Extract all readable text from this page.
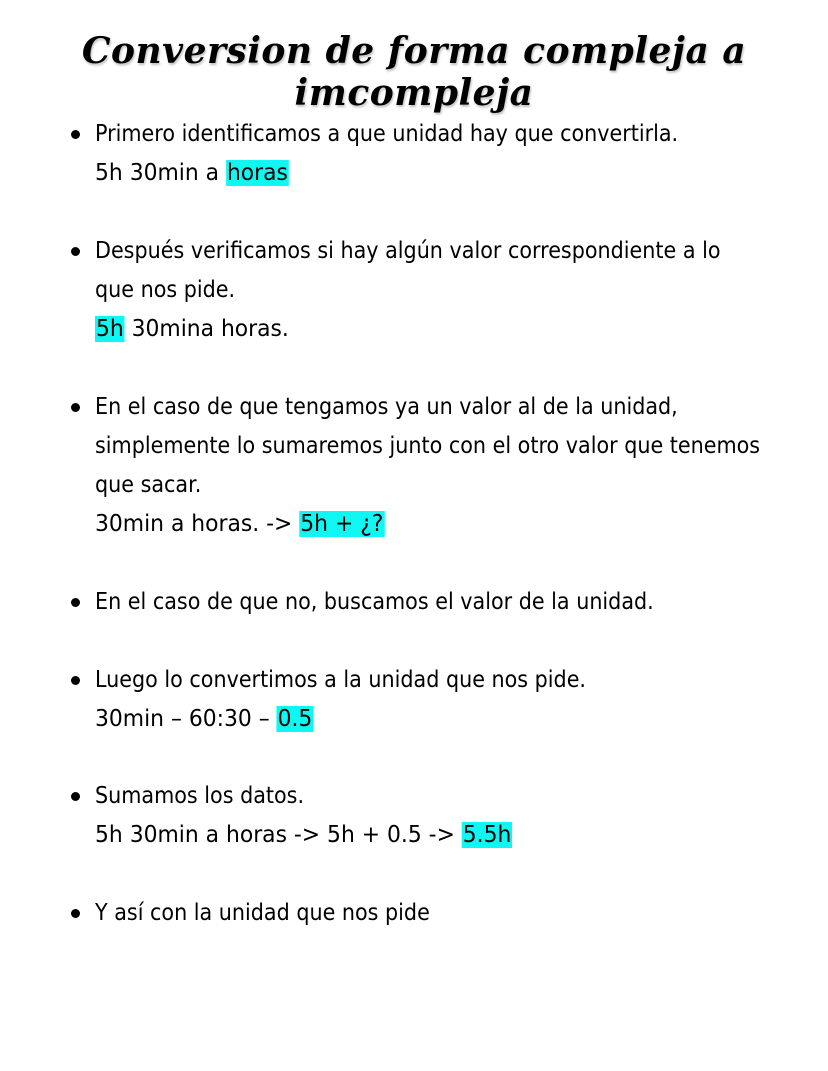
Conversion de forma compleja a imcompleja
Primero identificamos a que unidad hay que convertirla.
5h 30min a horas
Después verificamos si hay algún valor correspondiente a lo
que nos pide.
5h 30mina horas.
En el caso de que tengamos ya un valor al de la unidad,
simplemente lo sumaremos junto con el otro valor que tenemos
que sacar.
30min a horas. -> 5h + ¿?
En el caso de que no, buscamos el valor de la unidad.
Luego lo convertimos a la unidad que nos pide.
30min – 60:30 – 0.5
Sumamos los datos.
5h 30min a horas -> 5h + 0.5 -> 5.5h
Y así con la unidad que nos pide
